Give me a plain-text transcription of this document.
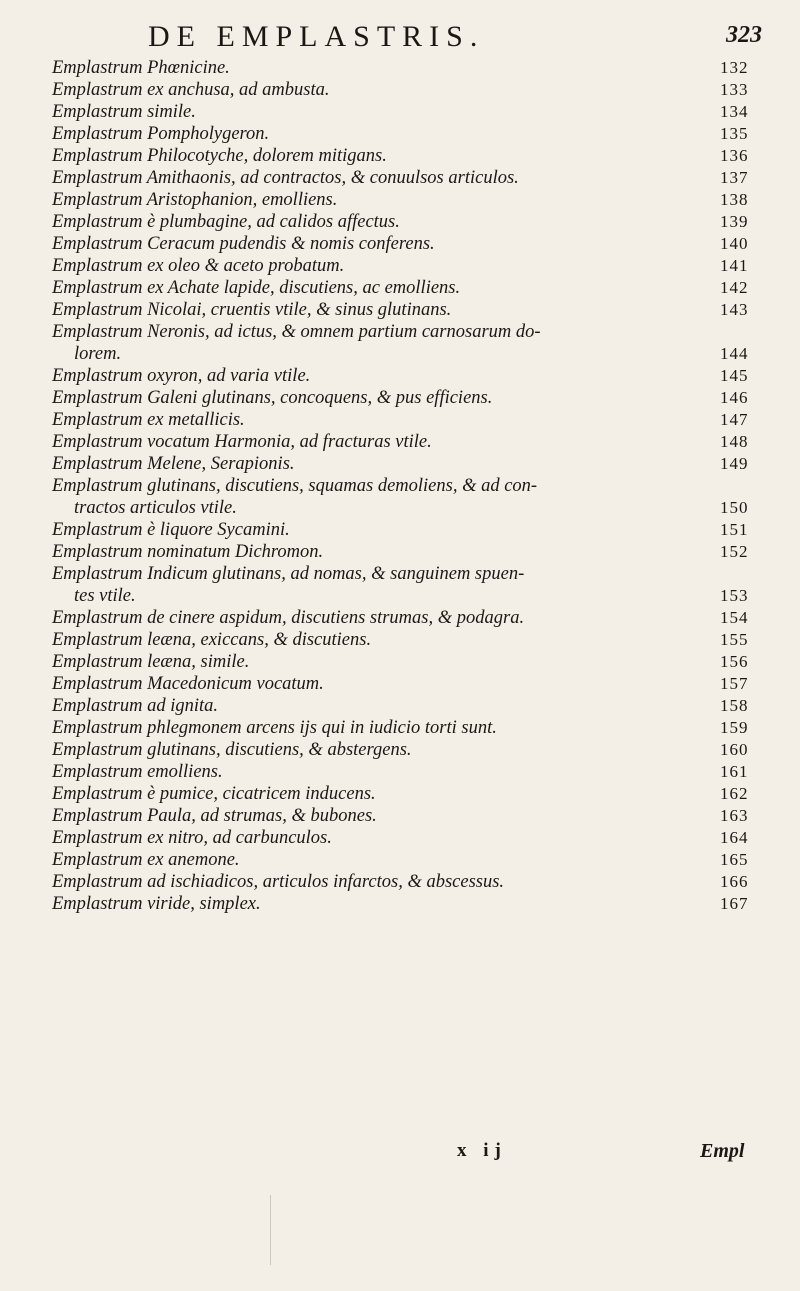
DE EMPLASTRIS.	323
Emplastrum Phœnicine.	132
Emplastrum ex anchusa, ad ambusta.	133
Emplastrum simile.	134
Emplastrum Pompholygeron.	135
Emplastrum Philocotyche, dolorem mitigans.	136
Emplastrum Amithaonis, ad contractos, & conuulsos articulos.	137
Emplastrum Aristophanion, emolliens.	138
Emplastrum è plumbagine, ad calidos affectus.	139
Emplastrum Ceracum pudendis & nomis conferens.	140
Emplastrum ex oleo & aceto probatum.	141
Emplastrum ex Achate lapide, discutiens, ac emolliens.	142
Emplastrum Nicolai, cruentis vtile, & sinus glutinans.	143
Emplastrum Neronis, ad ictus, & omnem partium carnosarum do-
lorem.	144
Emplastrum oxyron, ad varia vtile.	145
Emplastrum Galeni glutinans, concoquens, & pus efficiens.	146
Emplastrum ex metallicis.	147
Emplastrum vocatum Harmonia, ad fracturas vtile.	148
Emplastrum Melene, Serapionis.	149
Emplastrum glutinans, discutiens, squamas demoliens, & ad con-
tractos articulos vtile.	150
Emplastrum è liquore Sycamini.	151
Emplastrum nominatum Dichromon.	152
Emplastrum Indicum glutinans, ad nomas, & sanguinem spuen-
tes vtile.	153
Emplastrum de cinere aspidum, discutiens strumas, & podagra.	154
Emplastrum leæna, exiccans, & discutiens.	155
Emplastrum leæna, simile.	156
Emplastrum Macedonicum vocatum.	157
Emplastrum ad ignita.	158
Emplastrum phlegmonem arcens ijs qui in iudicio torti sunt.	159
Emplastrum glutinans, discutiens, & abstergens.	160
Emplastrum emolliens.	161
Emplastrum è pumice, cicatricem inducens.	162
Emplastrum Paula, ad strumas, & bubones.	163
Emplastrum ex nitro, ad carbunculos.	164
Emplastrum ex anemone.	165
Emplastrum ad ischiadicos, articulos infarctos, & abscessus.	166
Emplastrum viride, simplex.	167
x ij	Empl
